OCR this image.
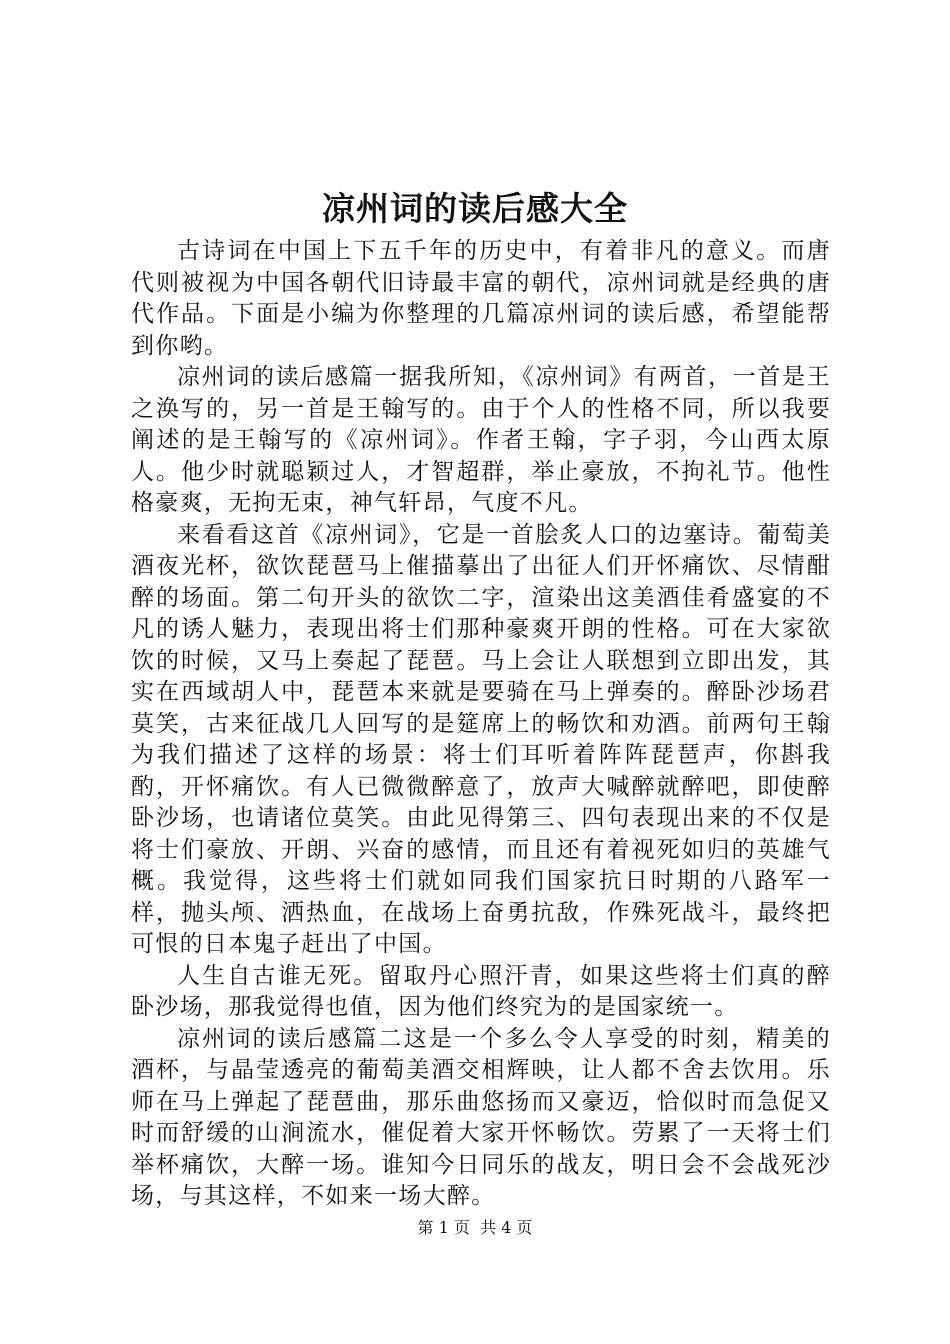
凉州词的读后感大全

古诗词在中国上下五千年的历史中，有着非凡的意义。而唐代则被视为中国各朝代旧诗最丰富的朝代，凉州词就是经典的唐代作品。下面是小编为你整理的几篇凉州词的读后感，希望能帮到你哟。

凉州词的读后感篇一据我所知，《凉州词》有两首，一首是王之涣写的，另一首是王翰写的。由于个人的性格不同，所以我要阐述的是王翰写的《凉州词》。作者王翰，字子羽，今山西太原人。他少时就聪颖过人，才智超群，举止豪放，不拘礼节。他性格豪爽，无拘无束，神气轩昂，气度不凡。

来看看这首《凉州词》，它是一首脍炙人口的边塞诗。葡萄美酒夜光杯，欲饮琵琶马上催描摹出了出征人们开怀痛饮、尽情酣醉的场面。第二句开头的欲饮二字，渲染出这美酒佳肴盛宴的不凡的诱人魅力，表现出将士们那种豪爽开朗的性格。可在大家欲饮的时候，又马上奏起了琵琶。马上会让人联想到立即出发，其实在西域胡人中，琵琶本来就是要骑在马上弹奏的。醉卧沙场君莫笑，古来征战几人回写的是筵席上的畅饮和劝酒。前两句王翰为我们描述了这样的场景：将士们耳听着阵阵琵琶声，你斟我酌，开怀痛饮。有人已微微醉意了，放声大喊醉就醉吧，即使醉卧沙场，也请诸位莫笑。由此见得第三、四句表现出来的不仅是将士们豪放、开朗、兴奋的感情，而且还有着视死如归的英雄气概。我觉得，这些将士们就如同我们国家抗日时期的八路军一样，抛头颅、洒热血，在战场上奋勇抗敌，作殊死战斗，最终把可恨的日本鬼子赶出了中国。

人生自古谁无死。留取丹心照汗青，如果这些将士们真的醉卧沙场，那我觉得也值，因为他们终究为的是国家统一。

凉州词的读后感篇二这是一个多么令人享受的时刻，精美的酒杯，与晶莹透亮的葡萄美酒交相辉映，让人都不舍去饮用。乐师在马上弹起了琵琶曲，那乐曲悠扬而又豪迈，恰似时而急促又时而舒缓的山涧流水，催促着大家开怀畅饮。劳累了一天将士们举杯痛饮，大醉一场。谁知今日同乐的战友，明日会不会战死沙场，与其这样，不如来一场大醉。

第 1 页  共 4 页
